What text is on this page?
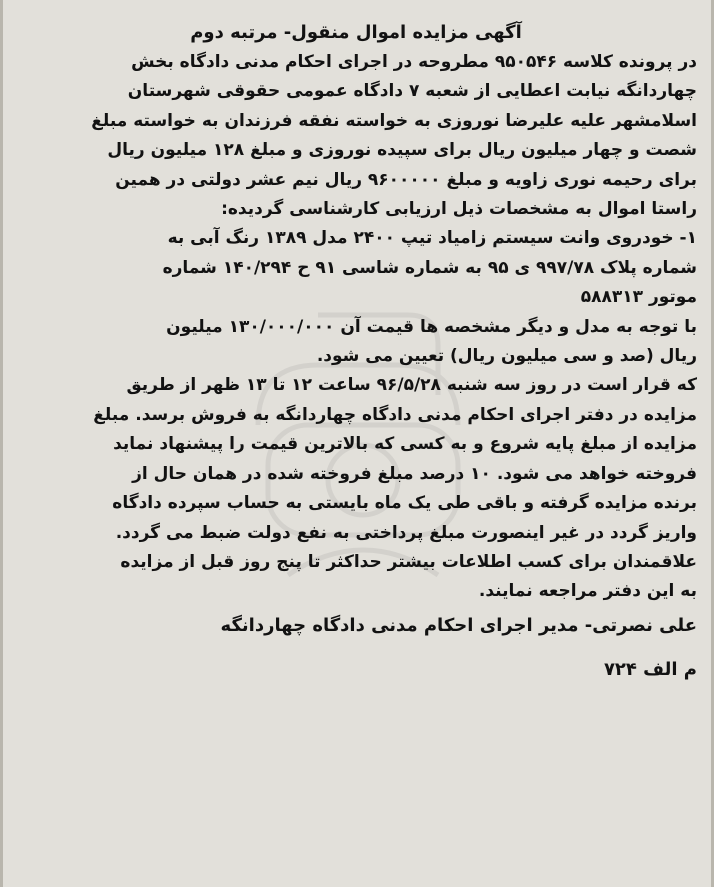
آگهی مزایده اموال منقول- مرتبه دوم
در پرونده کلاسه ۹۵۰۵۴۶ مطروحه در اجرای احکام مدنی دادگاه بخش
چهاردانگه نیابت اعطایی از شعبه ۷ دادگاه عمومی حقوقی شهرستان
اسلامشهر علیه علیرضا نوروزی به خواسته نفقه فرزندان به خواسته مبلغ
شصت و چهار میلیون ریال برای سپیده نوروزی و مبلغ ۱۲۸ میلیون ریال
برای رحیمه نوری زاویه و مبلغ ۹۶۰۰۰۰۰ ریال نیم عشر دولتی در همین
راستا اموال به مشخصات ذیل ارزیابی کارشناسی گردیده:
۱- خودروی وانت سیستم زامیاد تیپ ۲۴۰۰ مدل ۱۳۸۹ رنگ آبی به
شماره پلاک ۹۹۷/۷۸ ی ۹۵ به شماره شاسی ۹۱ ح ۱۴۰/۲۹۴ شماره
موتور ۵۸۸۳۱۳
با توجه به مدل و دیگر مشخصه ها قیمت آن ۱۳۰/۰۰۰/۰۰۰ میلیون
ریال (صد و سی میلیون ریال) تعیین می شود.
که قرار است در روز سه شنبه ۹۶/۵/۲۸ ساعت ۱۲ تا ۱۳ ظهر از طریق
مزایده در دفتر اجرای احکام مدنی دادگاه چهاردانگه به فروش برسد. مبلغ
مزایده از مبلغ پایه شروع و به کسی که بالاترین قیمت را پیشنهاد نماید
فروخته خواهد می شود. ۱۰ درصد مبلغ فروخته شده در همان حال از
برنده مزایده گرفته و باقی طی یک ماه بایستی به حساب سپرده دادگاه
واریز گردد در غیر اینصورت مبلغ پرداختی به نفع دولت ضبط می گردد.
علاقمندان برای کسب اطلاعات بیشتر حداکثر تا پنج روز قبل از مزایده
به این دفتر مراجعه نمایند.
علی نصرتی- مدیر اجرای احکام مدنی دادگاه چهاردانگه
م الف ۷۲۴
